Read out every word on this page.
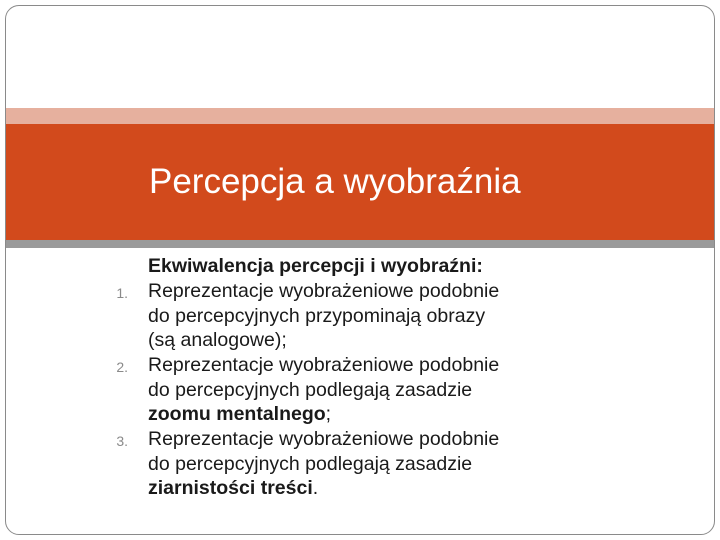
Percepcja a wyobraźnia
Ekwiwalencja percepcji i wyobraźni:
1. Reprezentacje wyobrażeniowe podobnie
do percepcyjnych przypominają obrazy
(są analogowe);
2. Reprezentacje wyobrażeniowe podobnie
do percepcyjnych podlegają zasadzie
zoomu mentalnego;
3. Reprezentacje wyobrażeniowe podobnie
do percepcyjnych podlegają zasadzie
ziarnistości treści.
